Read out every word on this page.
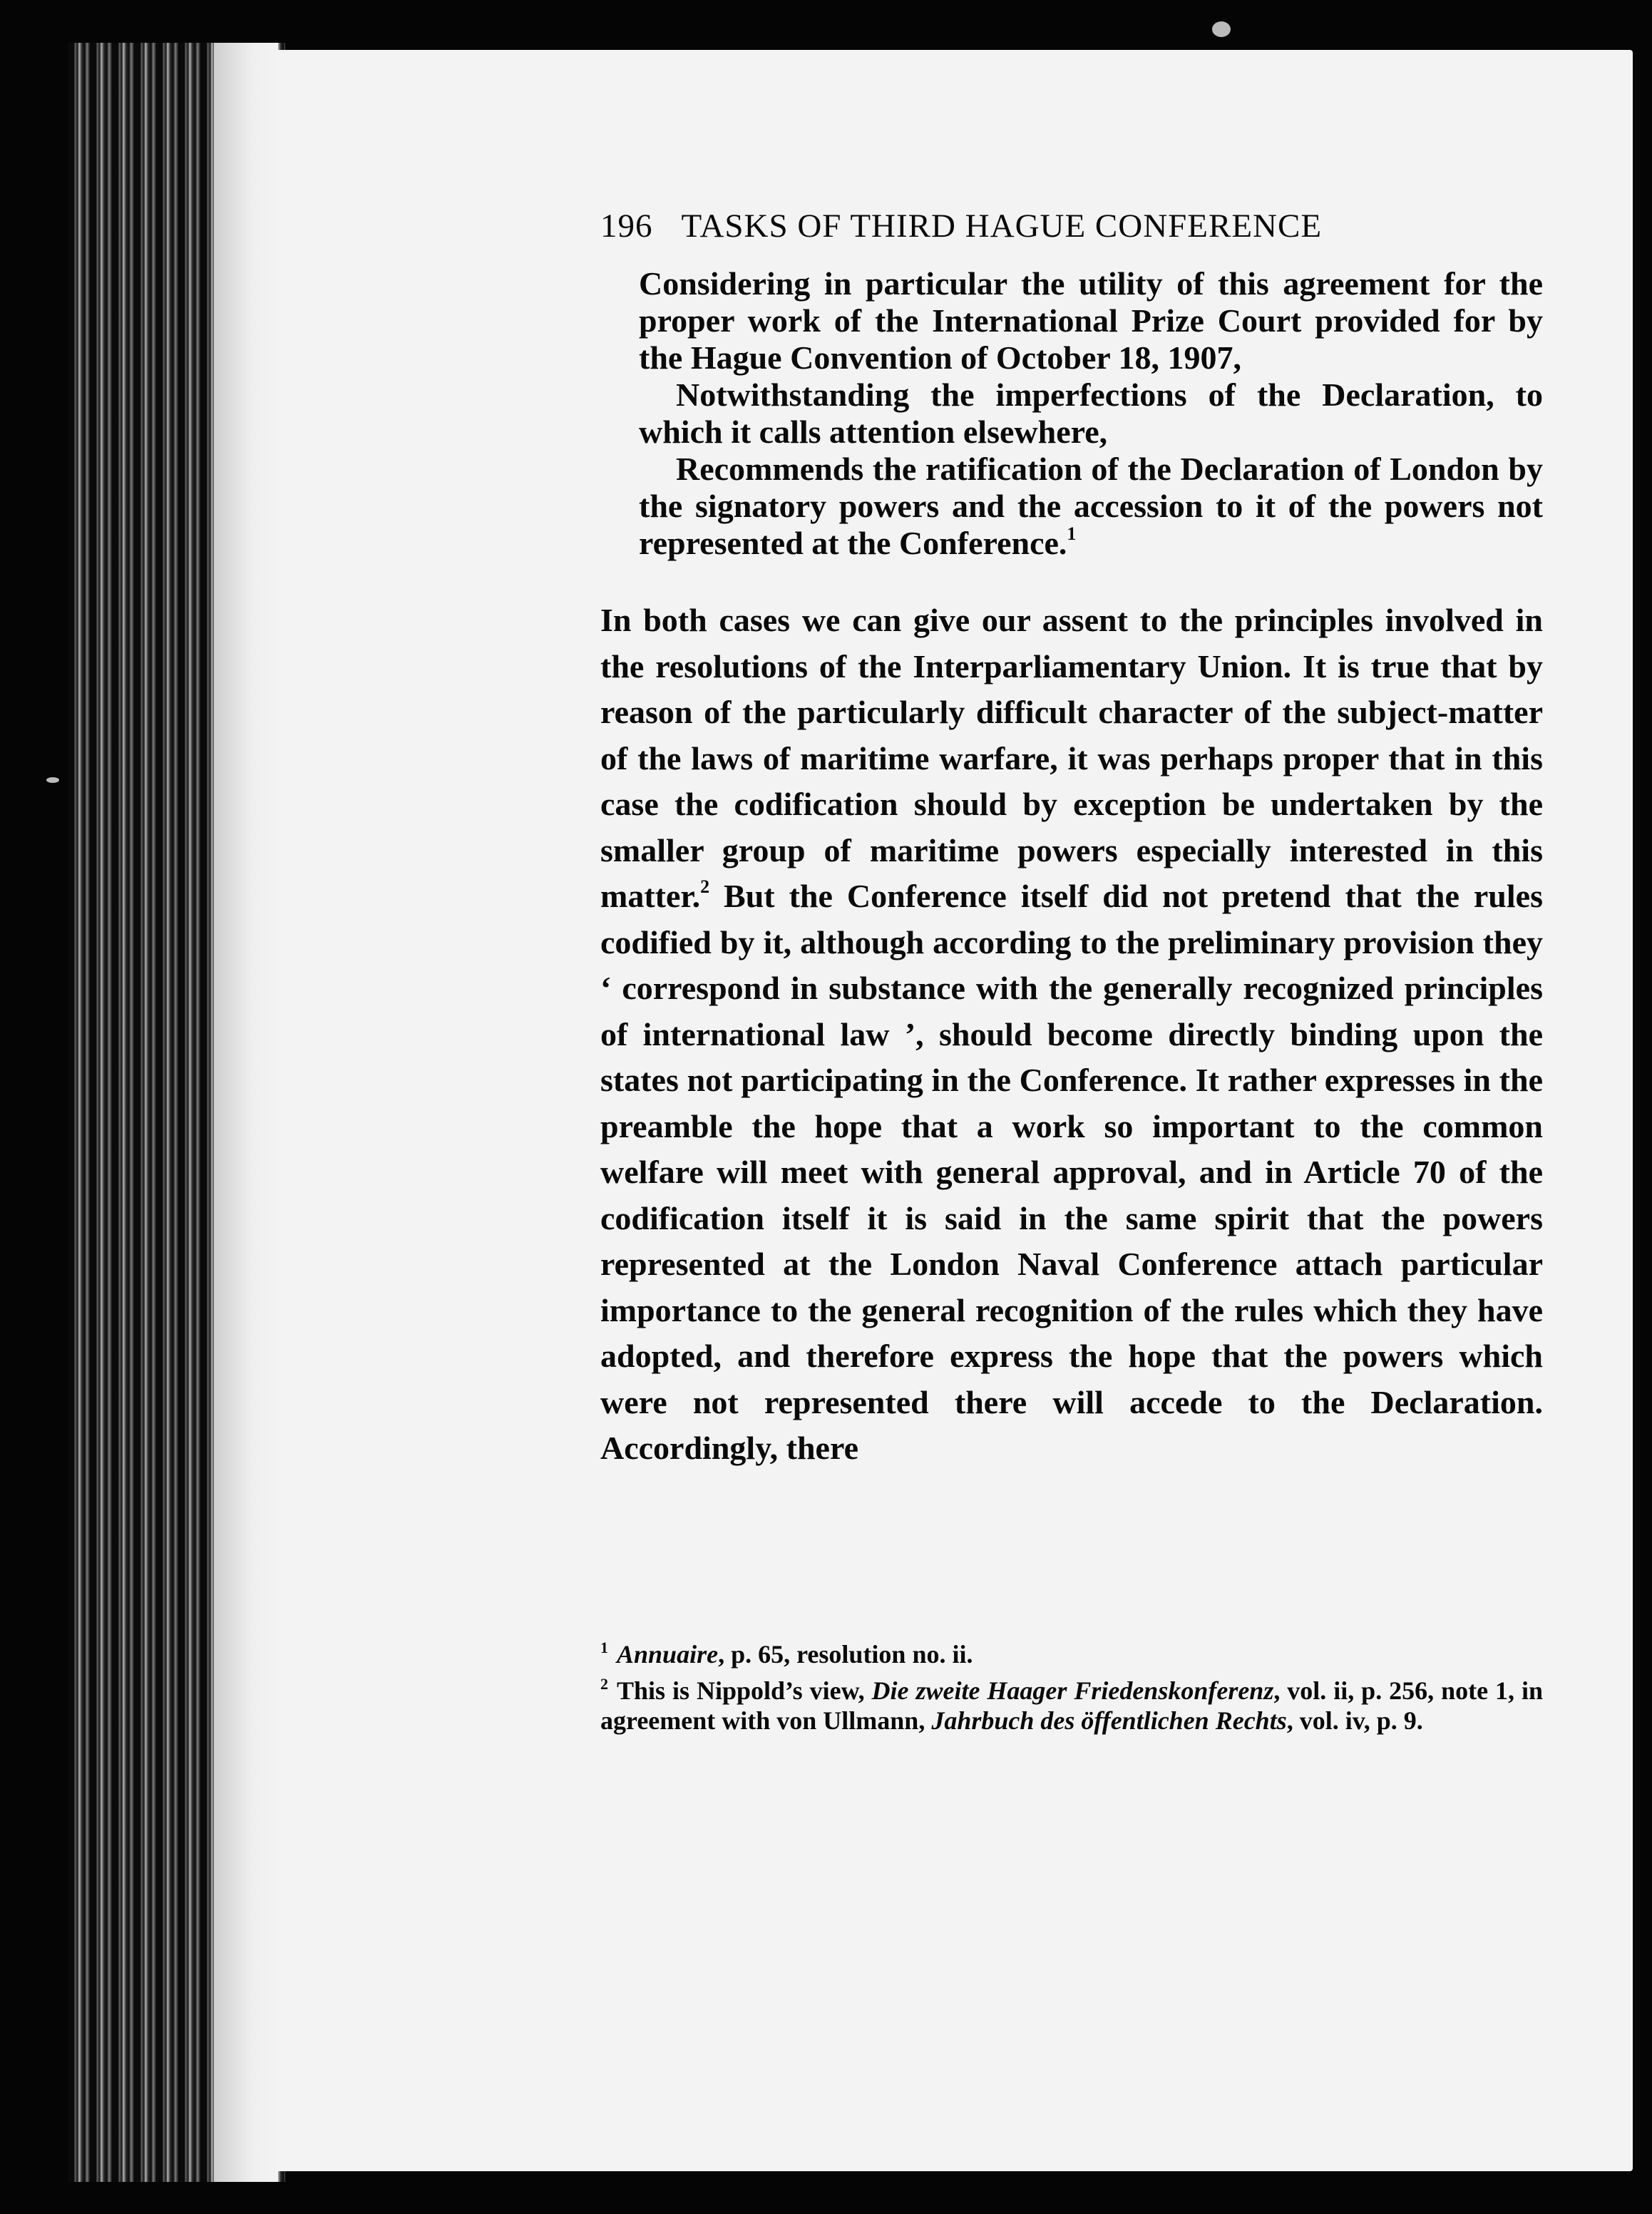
196 TASKS OF THIRD HAGUE CONFERENCE

Considering in particular the utility of this agreement for the proper work of the International Prize Court provided for by the Hague Convention of October 18, 1907,

Notwithstanding the imperfections of the Declaration, to which it calls attention elsewhere,

Recommends the ratification of the Declaration of London by the signatory powers and the accession to it of the powers not represented at the Conference.$^1$

In both cases we can give our assent to the principles involved in the resolutions of the Interparliamentary Union. It is true that by reason of the particularly difficult character of the subject-matter of the laws of maritime warfare, it was perhaps proper that in this case the codification should by exception be undertaken by the smaller group of maritime powers especially interested in this matter.$^2$ But the Conference itself did not pretend that the rules codified by it, although according to the preliminary provision they ‘ correspond in substance with the generally recognized principles of international law ’, should become directly binding upon the states not participating in the Conference. It rather expresses in the preamble the hope that a work so important to the common welfare will meet with general approval, and in Article 70 of the codification itself it is said in the same spirit that the powers represented at the London Naval Conference attach particular importance to the general recognition of the rules which they have adopted, and therefore express the hope that the powers which were not represented there will accede to the Declaration. Accordingly, there

$^1$ Annuaire, p. 65, resolution no. ii.

$^2$ This is Nippold’s view, Die zweite Haager Friedenskonferenz, vol. ii, p. 256, note 1, in agreement with von Ullmann, Jahrbuch des öffentlichen Rechts, vol. iv, p. 9.
